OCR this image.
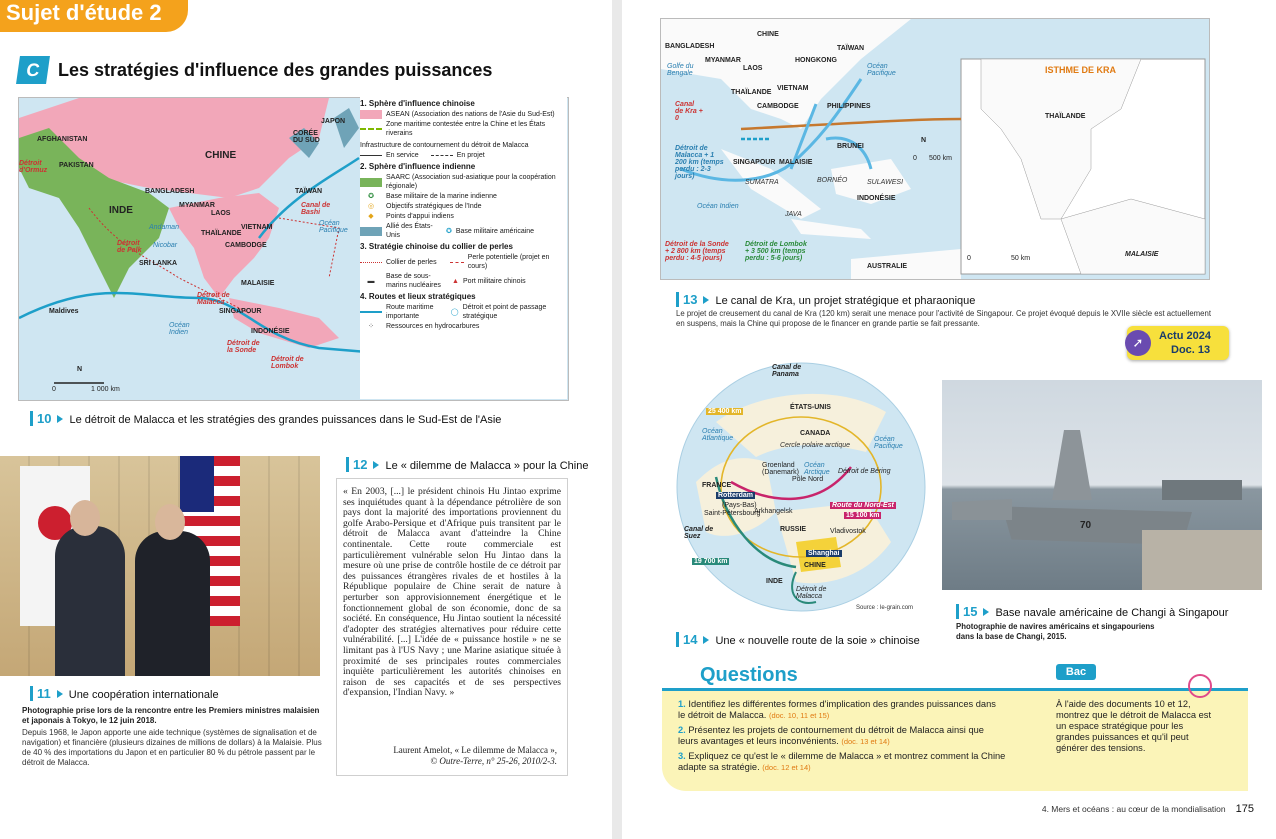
Sujet d'étude 2
C Les stratégies d'influence des grandes puissances
CHINE
INDE
AFGHANISTAN
PAKISTAN
BANGLADESH
MYANMAR
LAOS
THAÏLANDE
VIETNAM
CAMBODGE
SRI LANKA
MALAISIE
SINGAPOUR
INDONÉSIE
JAPON
CORÉE DU SUD
TAÏWAN
Maldives
Océan Indien
Océan Pacifique
Andaman
Nicobar
Détroit d'Ormuz
Détroit de Palk
Détroit de Malacca
Détroit de la Sonde
Détroit de Lombok
Canal de Bashi
0	1 000 km
N
1. Sphère d'influence chinoise
ASEAN (Association des nations de l'Asie du Sud-Est)
Zone maritime contestée entre la Chine et les États riverains
Infrastructure de contournement du détroit de Malacca
En service	En projet
2. Sphère d'influence indienne
SAARC (Association sud-asiatique pour la coopération régionale)
✪	Base militaire de la marine indienne
◎	Objectifs stratégiques de l'Inde
◆	Points d'appui indiens
Allié des États-Unis
✪ Base militaire américaine
3. Stratégie chinoise du collier de perles
Collier de perles
Perle potentielle (projet en cours)
▬
Base de sous-marins nucléaires
▲ Port militaire chinois
4. Routes et lieux stratégiques
Route maritime importante
◯
Détroit et point de passage stratégique
⁘	Ressources en hydrocarbures
10 Le détroit de Malacca et les stratégies des grandes puissances dans le Sud-Est de l'Asie
11 Une coopération internationale
Photographie prise lors de la rencontre entre les Premiers ministres malaisien et japonais à Tokyo, le 12 juin 2018.
Depuis 1968, le Japon apporte une aide technique (systèmes de signalisation et de navigation) et financière (plusieurs dizaines de millions de dollars) à la Malaisie. Plus de 40 % des importations du Japon et en particulier 80 % du pétrole passent par le détroit de Malacca.
12 Le « dilemme de Malacca » pour la Chine
« En 2003, [...] le président chinois Hu Jintao exprime ses inquiétudes quant à la dépendance pétrolière de son pays dont la majorité des importations proviennent du golfe Arabo-Persique et d'Afrique puis transitent par le détroit de Malacca avant d'atteindre la Chine continentale. Cette route commerciale est particulièrement vulnérable selon Hu Jintao dans la mesure où une prise de contrôle hostile de ce détroit par des puissances étrangères rivales de et hostiles à la République populaire de Chine serait de nature à perturber son approvisionnement énergétique et le fonctionnement global de son économie, donc de sa société. En conséquence, Hu Jintao soutient la nécessité d'adopter des stratégies alternatives pour réduire cette vulnérabilité. [...] L'idée de « puissance hostile » ne se limitant pas à l'US Navy ; une Marine asiatique située à proximité de ses principales routes commerciales inquiète particulièrement les autorités chinoises en raison de ses capacités et de ses perspectives d'expansion, l'Indian Navy. »
Laurent Amelot, « Le dilemme de Malacca »,
© Outre-Terre, n° 25-26, 2010/2-3.
CHINE
BANGLADESH	TAÏWAN
MYANMAR
LAOS
HONGKONG
Golfe du Bengale
Océan Pacifique
THAÏLANDE
VIETNAM
CAMBODGE	PHILIPPINES
Canal de Kra + 0
BRUNEI
Détroit de Malacca + 1 200 km (temps perdu : 2-3 jours)
SINGAPOUR MALAISIE
SUMATRA	BORNÉO	SULAWESI
INDONÉSIE
Océan Indien
JAVA
Détroit de la Sonde + 2 800 km (temps perdu : 4-5 jours)
Détroit de Lombok + 3 500 km (temps perdu : 5-6 jours)
AUSTRALIE
ISTHME DE KRA
THAÏLANDE
MALAISIE
0	50 km
0 500 km
N
13 Le canal de Kra, un projet stratégique et pharaonique
Le projet de creusement du canal de Kra (120 km) serait une menace pour l'activité de Singapour. Ce projet évoqué depuis le XVIIe siècle est actuellement en suspens, mais la Chine qui propose de le financer en grande partie se fait pressante.
➚	Actu 2024
Doc. 13
Canal de Panama
ÉTATS-UNIS
Océan Atlantique
CANADA
Océan Pacifique
Cercle polaire arctique
Groenland (Danemark)
Océan Arctique
Pôle Nord
Détroit de Béring
FRANCE
Rotterdam
(Pays-Bas)
Saint-Pétersbourg
Arkhangelsk
Route du Nord-Est
15 100 km
Canal de Suez
RUSSIE	Vladivostok
Shanghai
CHINE
19 700 km
25 400 km
INDE
Détroit de Malacca
Source : le-grain.com
14 Une « nouvelle route de la soie » chinoise
70
15 Base navale américaine de Changi à Singapour
Photographie de navires américains et singapouriens dans la base de Changi, 2015.
Questions
1. Identifiez les différentes formes d'implication des grandes puissances dans le détroit de Malacca. (doc. 10, 11 et 15)
2. Présentez les projets de contournement du détroit de Malacca ainsi que leurs avantages et leurs inconvénients. (doc. 13 et 14)
3. Expliquez ce qu'est le « dilemme de Malacca » et montrez comment la Chine adapte sa stratégie. (doc. 12 et 14)
À l'aide des documents 10 et 12, montrez que le détroit de Malacca est un espace stratégique pour les grandes puissances et qu'il peut générer des tensions.
Bac
4. Mers et océans : au cœur de la mondialisation 175
